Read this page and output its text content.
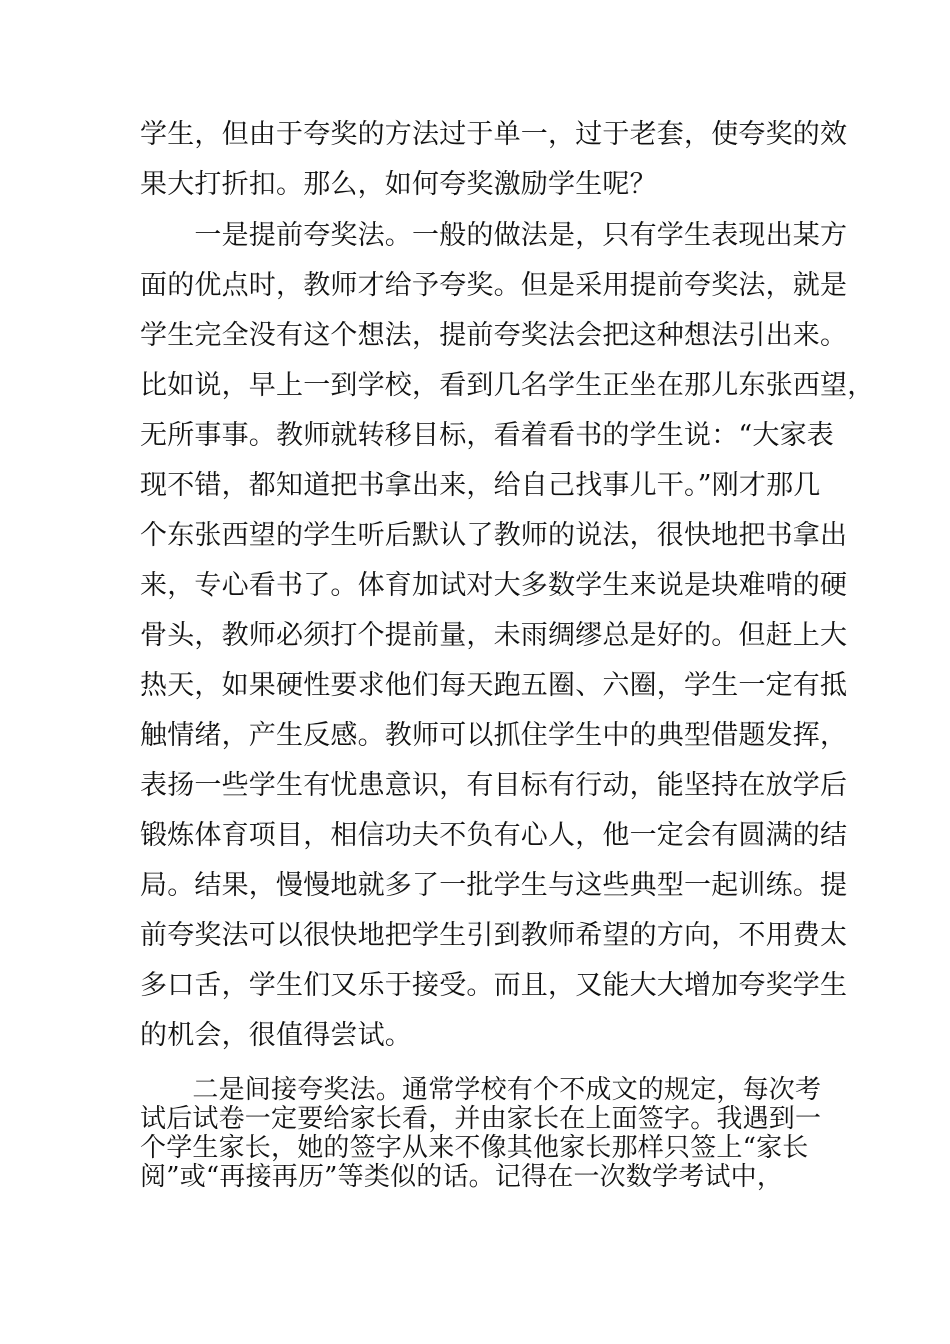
学生，但由于夸奖的方法过于单一，过于老套，使夸奖的效
果大打折扣。那么，如何夸奖激励学生呢？
　　一是提前夸奖法。一般的做法是，只有学生表现出某方
面的优点时，教师才给予夸奖。但是采用提前夸奖法，就是
学生完全没有这个想法，提前夸奖法会把这种想法引出来。
比如说，早上一到学校，看到几名学生正坐在那儿东张西望，
无所事事。教师就转移目标，看着看书的学生说：“大家表
现不错，都知道把书拿出来，给自己找事儿干。”刚才那几
个东张西望的学生听后默认了教师的说法，很快地把书拿出
来，专心看书了。体育加试对大多数学生来说是块难啃的硬
骨头，教师必须打个提前量，未雨绸缪总是好的。但赶上大
热天，如果硬性要求他们每天跑五圈、六圈，学生一定有抵
触情绪，产生反感。教师可以抓住学生中的典型借题发挥，
表扬一些学生有忧患意识，有目标有行动，能坚持在放学后
锻炼体育项目，相信功夫不负有心人，他一定会有圆满的结
局。结果，慢慢地就多了一批学生与这些典型一起训练。提
前夸奖法可以很快地把学生引到教师希望的方向，不用费太
多口舌，学生们又乐于接受。而且，又能大大增加夸奖学生
的机会，很值得尝试。
　　二是间接夸奖法。通常学校有个不成文的规定，每次考
试后试卷一定要给家长看，并由家长在上面签字。我遇到一
个学生家长，她的签字从来不像其他家长那样只签上“家长
阅”或“再接再历”等类似的话。记得在一次数学考试中，
